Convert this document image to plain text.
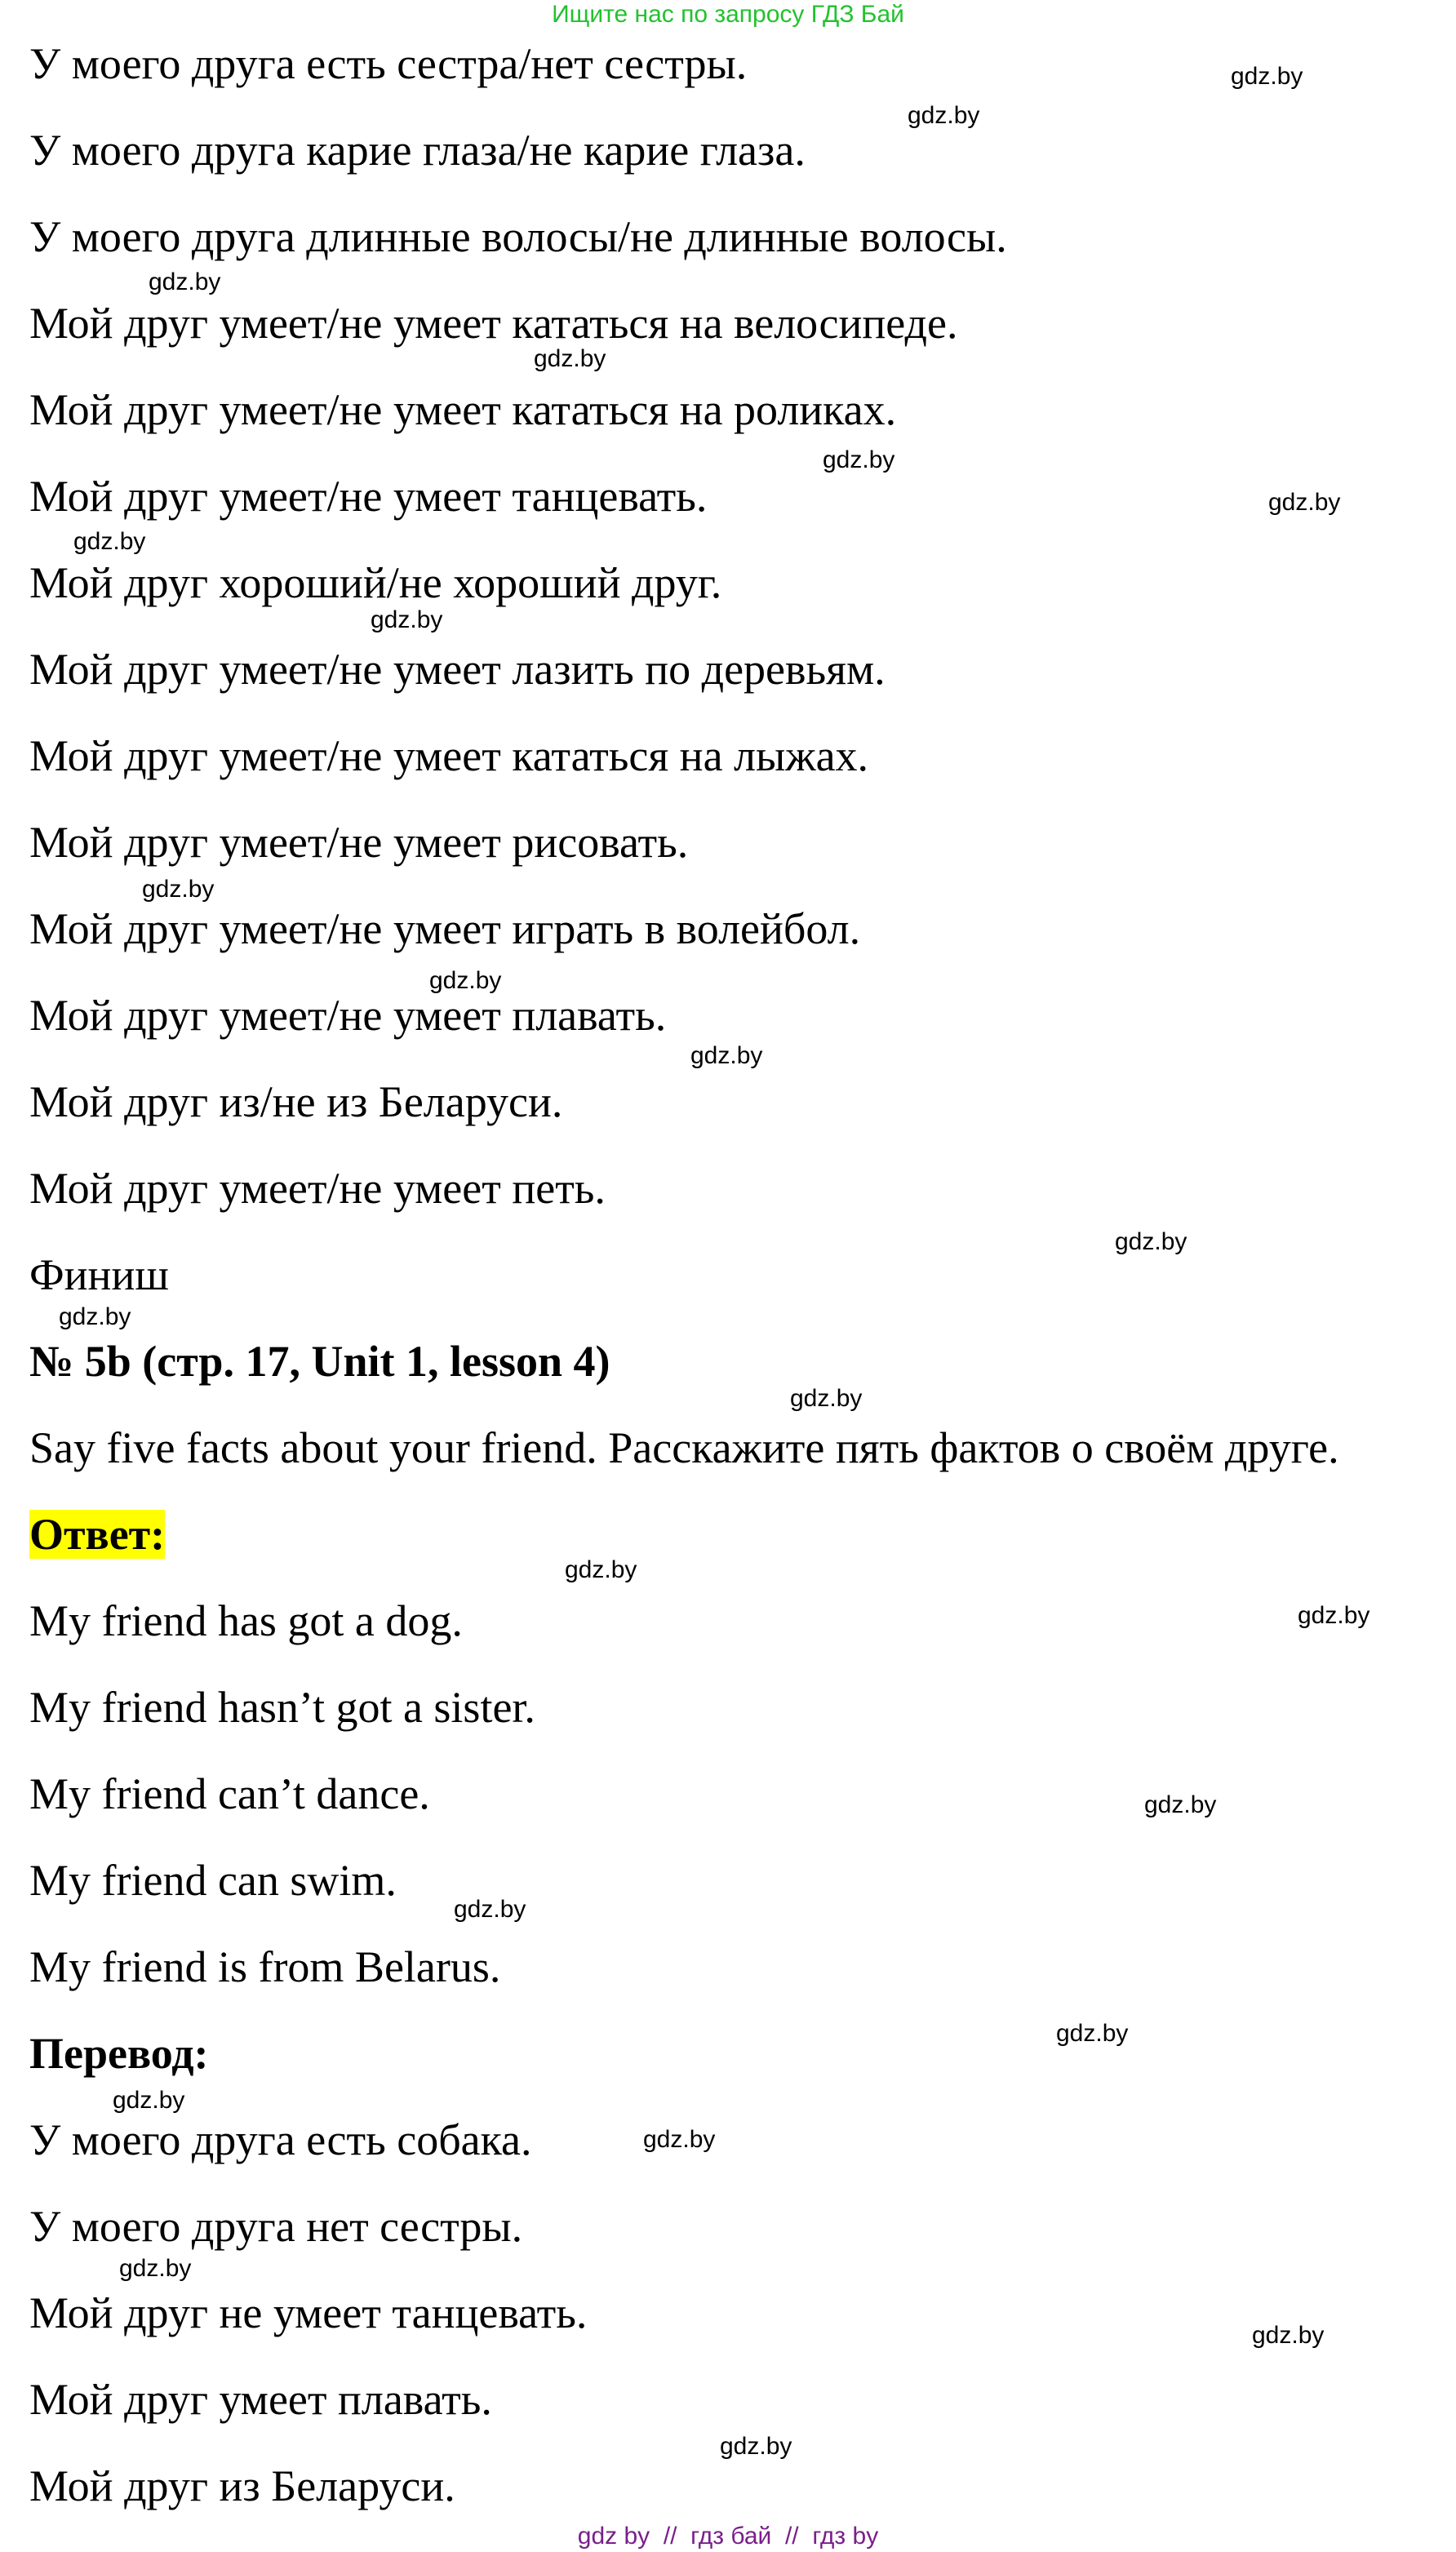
Ищите нас по запросу ГДЗ Бай
У моего друга есть сестра/нет сестры.
У моего друга карие глаза/не карие глаза.
У моего друга длинные волосы/не длинные волосы.
Мой друг умеет/не умеет кататься на велосипеде.
Мой друг умеет/не умеет кататься на роликах.
Мой друг умеет/не умеет танцевать.
Мой друг хороший/не хороший друг.
Мой друг умеет/не умеет лазить по деревьям.
Мой друг умеет/не умеет кататься на лыжах.
Мой друг умеет/не умеет рисовать.
Мой друг умеет/не умеет играть в волейбол.
Мой друг умеет/не умеет плавать.
Мой друг из/не из Беларуси.
Мой друг умеет/не умеет петь.
Финиш
№ 5b (стр. 17, Unit 1, lesson 4)
Say five facts about your friend. Расскажите пять фактов о своём друге.
Ответ:
My friend has got a dog.
My friend hasn’t got a sister.
My friend can’t dance.
My friend can swim.
My friend is from Belarus.
Перевод:
У моего друга есть собака.
У моего друга нет сестры.
Мой друг не умеет танцевать.
Мой друг умеет плавать.
Мой друг из Беларуси.
gdz.by
gdz.by
gdz.by
gdz.by
gdz.by
gdz.by
gdz.by
gdz.by
gdz.by
gdz.by
gdz.by
gdz.by
gdz.by
gdz.by
gdz.by
gdz.by
gdz.by
gdz.by
gdz.by
gdz.by
gdz.by
gdz.by
gdz.by
gdz.by
gdz by  //  гдз бай  //  гдз by
